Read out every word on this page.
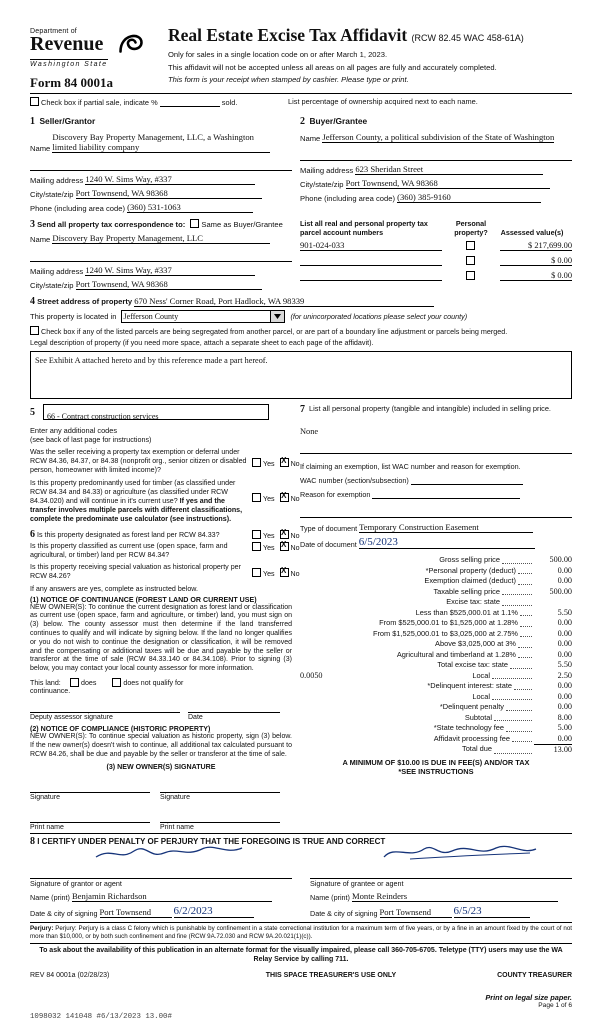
Department of
Revenue
Washington State
Form 84 0001a
Real Estate Excise Tax Affidavit (RCW 82.45 WAC 458-61A)
Only for sales in a single location code on or after March 1, 2023.
This affidavit will not be accepted unless all areas on all pages are fully and accurately completed.
This form is your receipt when stamped by cashier. Please type or print.
Check box if partial sale, indicate %	sold.	List percentage of ownership acquired next to each name.
1 Seller/Grantor
Name Discovery Bay Property Management, LLC, a Washington limited liability company
Mailing address 1240 W. Sims Way, #337
City/state/zip Port Townsend, WA 98368
Phone (including area code) (360) 531-1063
2 Buyer/Grantee
Name Jefferson County, a political subdivision of the State of Washington
Mailing address 623 Sheridan Street
City/state/zip Port Townsend, WA 98368
Phone (including area code) (360) 385-9160
3 Send all property tax correspondence to: Same as Buyer/Grantee
Name Discovery Bay Property Management, LLC
Mailing address 1240 W. Sims Way, #337
City/state/zip Port Townsend, WA 98368
List all real and personal property tax parcel account numbers	Personal property?	Assessed value(s)
901-024-033		$ 217,699.00
		$ 0.00
		$ 0.00
4 Street address of property 670 Ness' Corner Road, Port Hadlock, WA 98339
This property is located in Jefferson County	(for unincorporated locations please select your county)
Check box if any of the listed parcels are being segregated from another parcel, or are part of a boundary line adjustment or parcels being merged.
Legal description of property (if you need more space, attach a separate sheet to each page of the affidavit).
See Exhibit A attached hereto and by this reference made a part hereof.
5	66 - Contract construction services
Enter any additional codes
(see back of last page for instructions)
Was the seller receiving a property tax exemption or deferral under RCW 84.36, 84.37, or 84.38 (nonprofit org., senior citizen or disabled person, homeowner with limited income)?
Yes X No
Is this property predominantly used for timber (as classified under RCW 84.34 and 84.33) or agriculture (as classified under RCW 84.34.020) and will continue in it's current use? If yes and the transfer involves multiple parcels with different classifications, complete the predominate use calculator (see instructions).
Yes X No
6 Is this property designated as forest land per RCW 84.33?	Yes XNo
Is this property classified as current use (open space, farm and agricultural, or timber) land per RCW 84.34?
Yes XNo
Is this property receiving special valuation as historical property per RCW 84.26?	Yes XNo
If any answers are yes, complete as instructed below.
(1) NOTICE OF CONTINUANCE (FOREST LAND OR CURRENT USE)
NEW OWNER(S): To continue the current designation as forest land or classification as current use (open space, farm and agriculture, or timber) land, you must sign on (3) below. The county assessor must then determine if the land transferred continues to qualify and will indicate by signing below. If the land no longer qualifies or you do not wish to continue the designation or classification, it will be removed and the compensating or additional taxes will be due and payable by the seller or transferor at the time of sale (RCW 84.33.140 or 84.34.108). Prior to signing (3) below, you may contact your local county assessor for more information.
This land:	does	does not qualify for
continuance.
Deputy assessor signature	Date
(2) NOTICE OF COMPLIANCE (HISTORIC PROPERTY)
NEW OWNER(S): To continue special valuation as historic property, sign (3) below. If the new owner(s) doesn't wish to continue, all additional tax calculated pursuant to RCW 84.26, shall be due and payable by the seller or transferor at the time of sale.
(3) NEW OWNER(S) SIGNATURE
Signature	Signature
Print name	Print name
7 List all personal property (tangible and intangible) included in selling price.
None
If claiming an exemption, list WAC number and reason for exemption.
WAC number (section/subsection)
Reason for exemption
Type of document Temporary Construction Easement
Date of document 6/5/2023
Gross selling price	500.00
*Personal property (deduct)	0.00
Exemption claimed (deduct)	0.00
Taxable selling price	500.00
Excise tax: state
Less than $525,000.01 at 1.1%	5.50
From $525,000.01 to $1,525,000 at 1.28%	0.00
From $1,525,000.01 to $3,025,000 at 2.75%	0.00
Above $3,025,000 at 3%	0.00
Agricultural and timberland at 1.28%	0.00
Total excise tax: state	5.50
0.0050	Local	2.50
*Delinquent interest: state	0.00
Local	0.00
*Delinquent penalty	0.00
Subtotal	8.00
*State technology fee	5.00
Affidavit processing fee	0.00
Total due	13.00
A MINIMUM OF $10.00 IS DUE IN FEE(S) AND/OR TAX
*SEE INSTRUCTIONS
8 I CERTIFY UNDER PENALTY OF PERJURY THAT THE FOREGOING IS TRUE AND CORRECT
Signature of grantor or agent
Name (print) Benjamin Richardson
Date & city of signing Port Townsend 6/2/2023
Signature of grantee or agent
Name (print) Monte Reinders
Date & city of signing Port Townsend 6/5/23
Perjury: Perjury: Perjury is a class C felony which is punishable by confinement in a state correctional institution for a maximum term of five years, or by a fine in an amount fixed by the court of not more than $10,000, or by both such confinement and fine (RCW 9A.72.030 and RCW 9A.20.021(1)(c)).
To ask about the availability of this publication in an alternate format for the visually impaired, please call 360-705-6705. Teletype (TTY) users may use the WA Relay Service by calling 711.
REV 84 0001a (02/28/23)	THIS SPACE TREASURER'S USE ONLY	COUNTY TREASURER
Print on legal size paper.
Page 1 of 6
1098032 141048 #6/13/2023 13.00#
